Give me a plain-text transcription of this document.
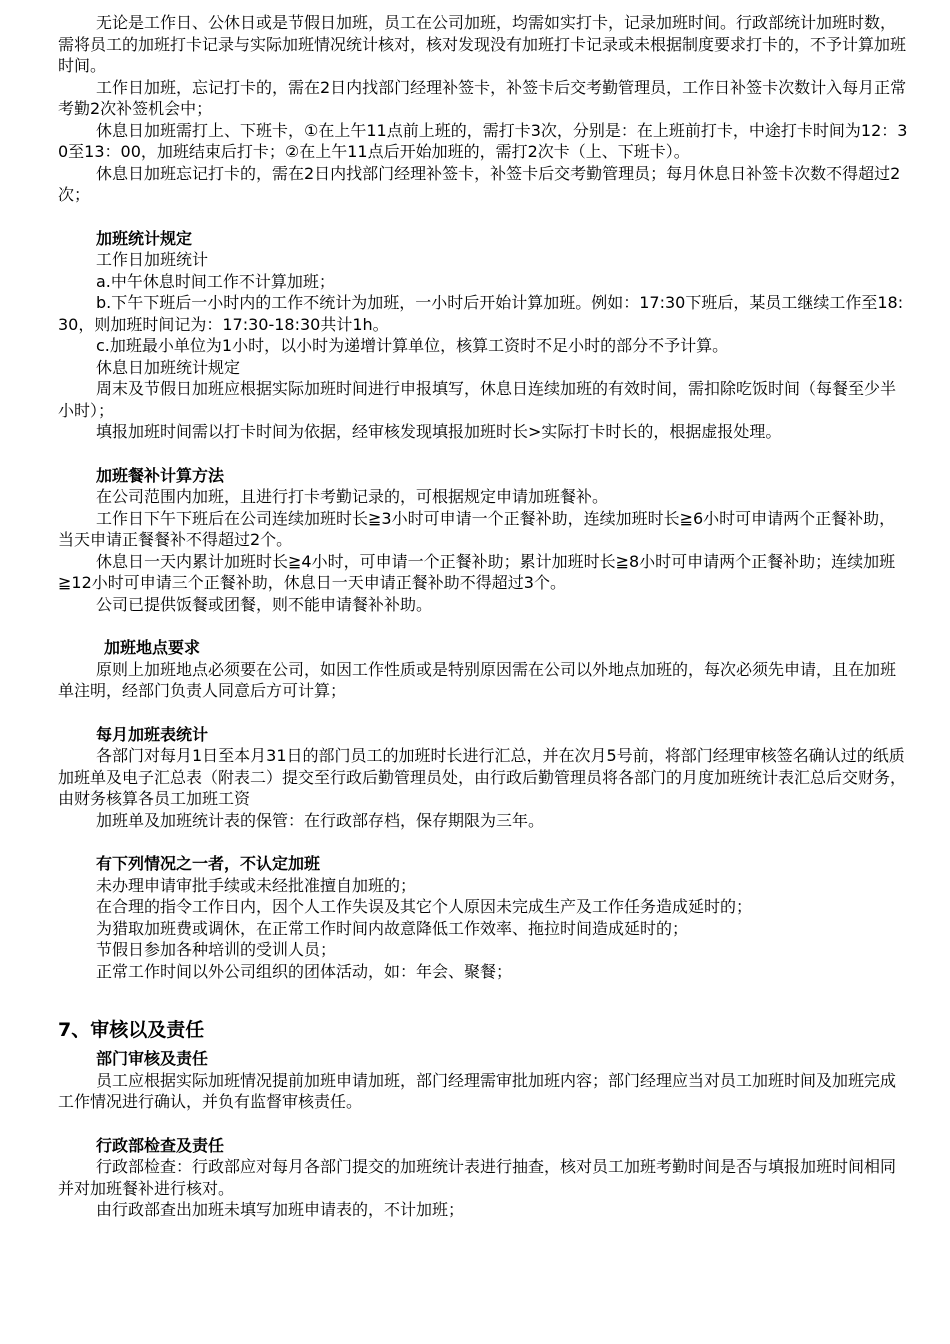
无论是工作日、公休日或是节假日加班，员工在公司加班，均需如实打卡，记录加班时间。行政部统计加班时数，需将员工的加班打卡记录与实际加班情况统计核对，核对发现没有加班打卡记录或未根据制度要求打卡的，不予计算加班时间。

工作日加班，忘记打卡的，需在2日内找部门经理补签卡，补签卡后交考勤管理员，工作日补签卡次数计入每月正常考勤2次补签机会中；

休息日加班需打上、下班卡，①在上午11点前上班的，需打卡3次，分别是：在上班前打卡，中途打卡时间为12：30至13：00，加班结束后打卡；②在上午11点后开始加班的，需打2次卡（上、下班卡）。

休息日加班忘记打卡的，需在2日内找部门经理补签卡，补签卡后交考勤管理员；每月休息日补签卡次数不得超过2次；

加班统计规定

工作日加班统计

a.中午休息时间工作不计算加班；

b.下午下班后一小时内的工作不统计为加班，一小时后开始计算加班。例如：17:30下班后，某员工继续工作至18:30，则加班时间记为：17:30-18:30共计1h。

c.加班最小单位为1小时，以小时为递增计算单位，核算工资时不足小时的部分不予计算。

休息日加班统计规定

周末及节假日加班应根据实际加班时间进行申报填写，休息日连续加班的有效时间，需扣除吃饭时间（每餐至少半小时）；

填报加班时间需以打卡时间为依据，经审核发现填报加班时长>实际打卡时长的，根据虚报处理。

加班餐补计算方法

在公司范围内加班，且进行打卡考勤记录的，可根据规定申请加班餐补。

工作日下午下班后在公司连续加班时长≧3小时可申请一个正餐补助，连续加班时长≧6小时可申请两个正餐补助，当天申请正餐餐补不得超过2个。

休息日一天内累计加班时长≧4小时，可申请一个正餐补助；累计加班时长≧8小时可申请两个正餐补助；连续加班≧12小时可申请三个正餐补助，休息日一天申请正餐补助不得超过3个。

公司已提供饭餐或团餐，则不能申请餐补补助。

加班地点要求

原则上加班地点必须要在公司，如因工作性质或是特别原因需在公司以外地点加班的，每次必须先申请，且在加班单注明，经部门负责人同意后方可计算；

每月加班表统计

各部门对每月1日至本月31日的部门员工的加班时长进行汇总，并在次月5号前，将部门经理审核签名确认过的纸质加班单及电子汇总表（附表二）提交至行政后勤管理员处，由行政后勤管理员将各部门的月度加班统计表汇总后交财务，由财务核算各员工加班工资

加班单及加班统计表的保管：在行政部存档，保存期限为三年。

有下列情况之一者，不认定加班

未办理申请审批手续或未经批准擅自加班的；

在合理的指令工作日内，因个人工作失误及其它个人原因未完成生产及工作任务造成延时的；

为猎取加班费或调休，在正常工作时间内故意降低工作效率、拖拉时间造成延时的；

节假日参加各种培训的受训人员；

正常工作时间以外公司组织的团体活动，如：年会、聚餐；

7、审核以及责任

部门审核及责任

员工应根据实际加班情况提前加班申请加班，部门经理需审批加班内容；部门经理应当对员工加班时间及加班完成工作情况进行确认，并负有监督审核责任。

行政部检查及责任

行政部检查：行政部应对每月各部门提交的加班统计表进行抽查，核对员工加班考勤时间是否与填报加班时间相同并对加班餐补进行核对。

由行政部查出加班未填写加班申请表的，不计加班；
